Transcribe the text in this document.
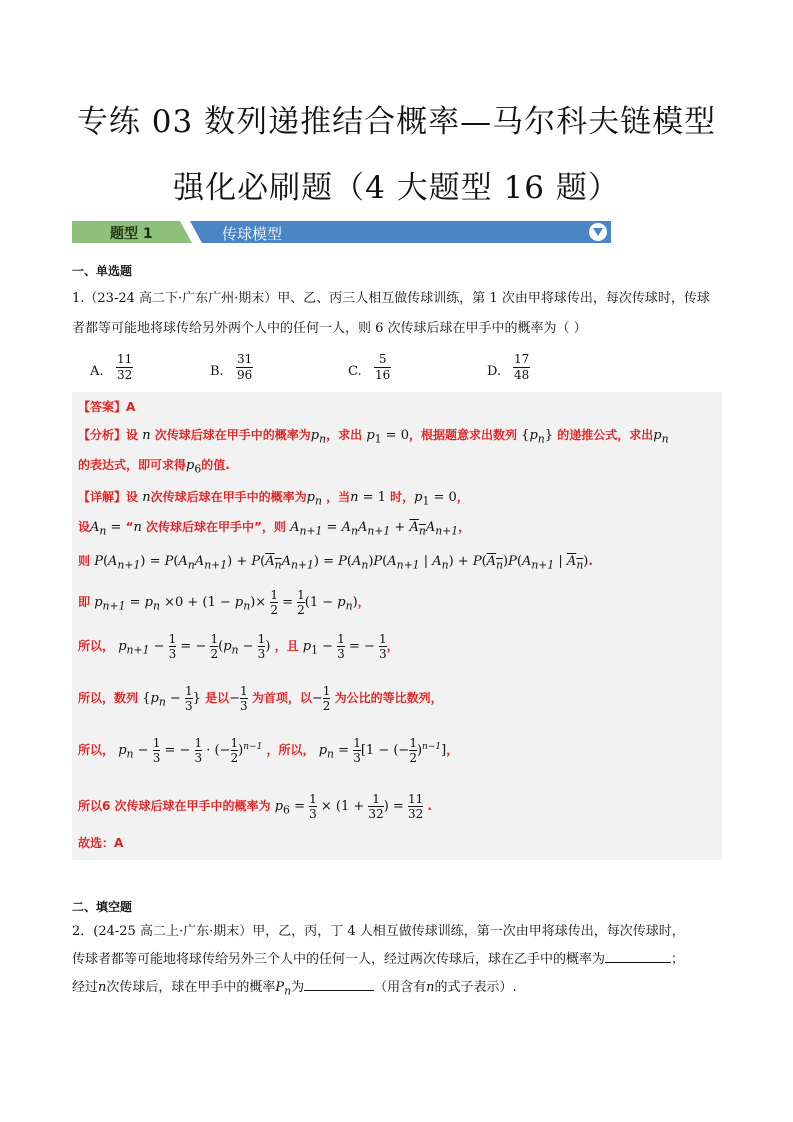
专练 03 数列递推结合概率—马尔科夫链模型
强化必刷题（4 大题型 16 题）
题型 1	传球模型
一、单选题
1.（23-24 高二下·广东广州·期末）甲、乙、丙三人相互做传球训练，第 1 次由甲将球传出，每次传球时，传球者都等可能地将球传给另外两个人中的任何一人，则 6 次传球后球在甲手中的概率为（ ）
A. $\frac{11}{32}$	B. $\frac{31}{96}$	C. $\frac{5}{16}$	D. $\frac{17}{48}$
【答案】A
【分析】设 n 次传球后球在甲手中的概率为$p_n$，求出 $p_1 = 0$，根据题意求出数列 $\{p_n\}$ 的递推公式，求出$p_n$
的表达式，即可求得$p_6$的值.
【详解】设 n次传球后球在甲手中的概率为$p_n$ ，当n = 1 时，$p_1 = 0$，
设$A_n$ = “n 次传球后球在甲手中”，则 $A_{n+1} = A_nA_{n+1} + A_nA_{n+1}$，
则 $P(A_{n+1}) = P(A_nA_{n+1}) + P(A_nA_{n+1}) = P(A_n)P(A_{n+1}$ | $A_n) + P(A_n)P(A_{n+1}$ | $A_n$).
即 $p_{n+1} = p_n \times 0 + (1 - p_n)\times \frac{1}{2} = \frac{1}{2} (1 - p_n)$，
所以， $p_{n+1} - \frac{1}{3}$ = − $\frac{1}{2} (p_n - \frac{1}{3}$ ) ，且 $p_1 - \frac{1}{3}$ = − $\frac{1}{3}$ ，
所以，数列 {$p_n - \frac{1}{3}$ } 是以− $\frac{1}{3}$ 为首项，以− $\frac{1}{2}$ 为公比的等比数列，
所以， $p_n - \frac{1}{3}$ = − $\frac{1}{3}$ · (− $\frac{1}{2} )^{n-1}$ ，所以， $p_n = \frac{1}{3} [1$ − (− $\frac{1}{2} )^{n-1}$]，
所以6 次传球后球在甲手中的概率为 $p_6 = \frac{1}{3} \times (1 + \frac{1}{32}$ ) = $\frac{11}{32}$ .
故选：A
二、填空题
2．(24-25 高二上·广东·期末）甲，乙，丙，丁 4 人相互做传球训练，第一次由甲将球传出，每次传球时，
传球者都等可能地将球传给另外三个人中的任何一人，经过两次传球后，球在乙手中的概率为	；
经过n次传球后，球在甲手中的概率$P_n$为	（用含有n的式子表示）.
